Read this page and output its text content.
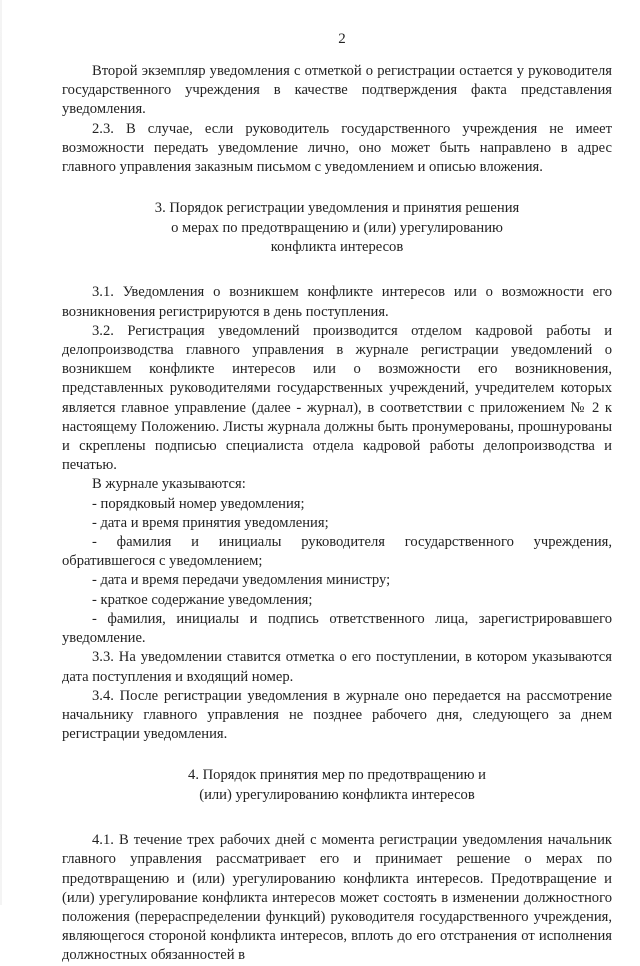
2

Второй экземпляр уведомления с отметкой о регистрации остается у руководителя государственного учреждения в качестве подтверждения факта представления уведомления.

2.3. В случае, если руководитель государственного учреждения не имеет возможности передать уведомление лично, оно может быть направлено в адрес главного управления заказным письмом с уведомлением и описью вложения.

3. Порядок регистрации уведомления и принятия решения

о мерах по предотвращению и (или) урегулированию

конфликта интересов

3.1. Уведомления о возникшем конфликте интересов или о возможности его возникновения регистрируются в день поступления.

3.2. Регистрация уведомлений производится отделом кадровой работы и делопроизводства главного управления в журнале регистрации уведомлений о возникшем конфликте интересов или о возможности его возникновения, представленных руководителями государственных учреждений, учредителем которых является главное управление (далее - журнал), в соответствии с приложением № 2 к настоящему Положению. Листы журнала должны быть пронумерованы, прошнурованы и скреплены подписью специалиста отдела кадровой работы делопроизводства и печатью.

В журнале указываются:

- порядковый номер уведомления;

- дата и время принятия уведомления;

- фамилия и инициалы руководителя государственного учреждения, обратившегося с уведомлением;

- дата и время передачи уведомления министру;

- краткое содержание уведомления;

- фамилия, инициалы и подпись ответственного лица, зарегистрировавшего уведомление.

3.3. На уведомлении ставится отметка о его поступлении, в котором указываются дата поступления и входящий номер.

3.4. После регистрации уведомления в журнале оно передается на рассмотрение начальнику главного управления не позднее рабочего дня, следующего за днем регистрации уведомления.

4. Порядок принятия мер по предотвращению и

(или) урегулированию конфликта интересов

4.1. В течение трех рабочих дней с момента регистрации уведомления начальник главного управления рассматривает его и принимает решение о мерах по предотвращению и (или) урегулированию конфликта интересов. Предотвращение и (или) урегулирование конфликта интересов может состоять в изменении должностного положения (перераспределении функций) руководителя государственного учреждения, являющегося стороной конфликта интересов, вплоть до его отстранения от исполнения должностных обязанностей в
